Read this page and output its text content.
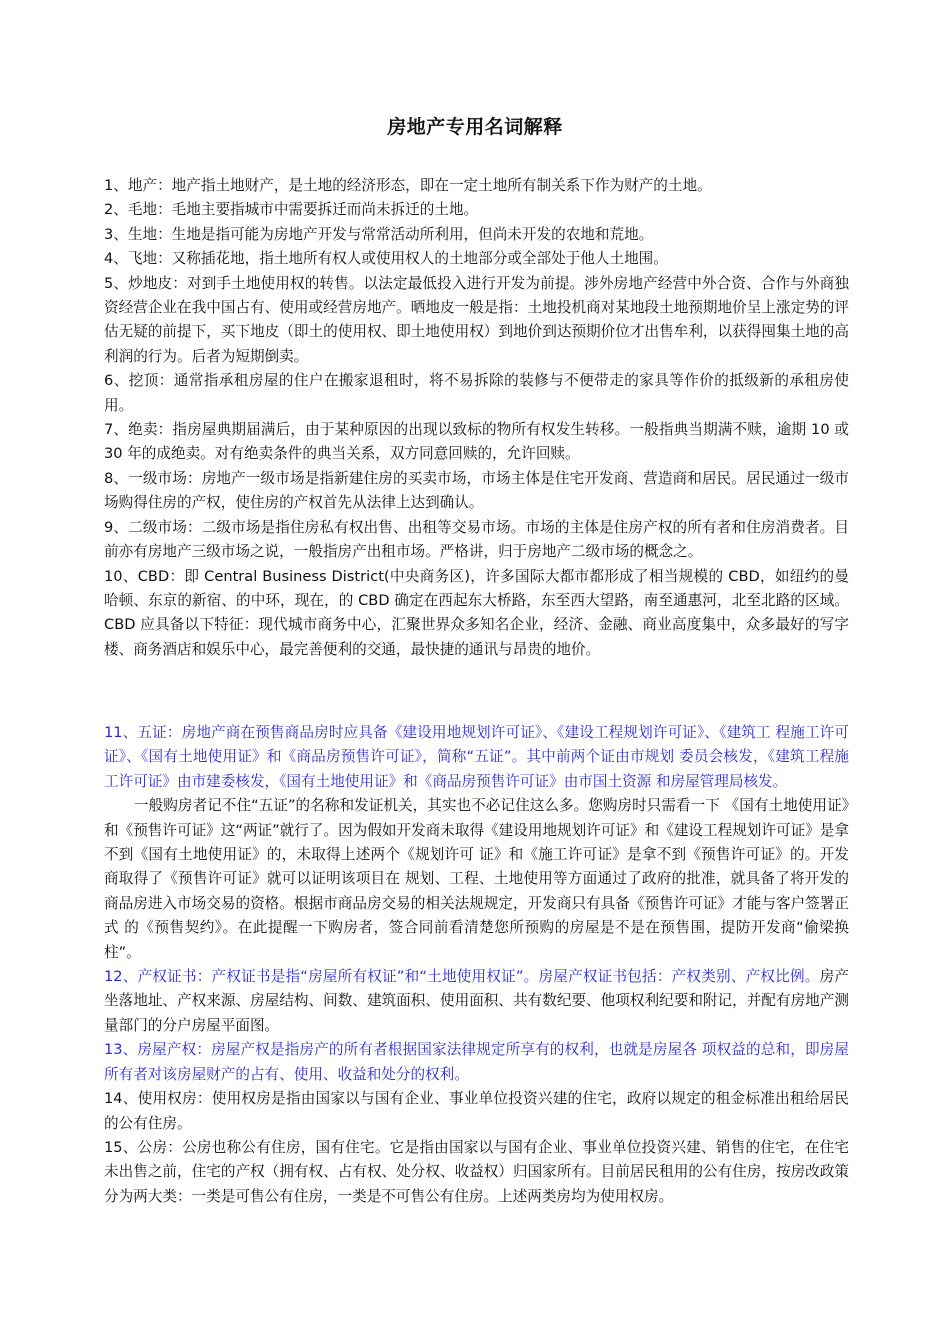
房地产专用名词解释

1、地产：地产指土地财产，是土地的经济形态，即在一定土地所有制关系下作为财产的土地。

2、毛地：毛地主要指城市中需要拆迁而尚未拆迁的土地。

3、生地：生地是指可能为房地产开发与常常活动所利用，但尚未开发的农地和荒地。

4、飞地：又称插花地，指土地所有权人或使用权人的土地部分或全部处于他人土地围。

5、炒地皮：对到手土地使用权的转售。以法定最低投入进行开发为前提。涉外房地产经营中外合资、合作与外商独资经营企业在我中国占有、使用或经营房地产。晒地皮一般是指：土地投机商对某地段土地预期地价呈上涨定势的评估无疑的前提下，买下地皮（即土的使用权、即土地使用权）到地价到达预期价位才出售牟利，以获得囤集土地的高利润的行为。后者为短期倒卖。

6、挖顶：通常指承租房屋的住户在搬家退租时，将不易拆除的装修与不便带走的家具等作价的抵级新的承租房使用。

7、绝卖：指房屋典期届满后，由于某种原因的出现以致标的物所有权发生转移。一般指典当期满不赎，逾期 10 或 30 年的成绝卖。对有绝卖条件的典当关系，双方同意回赎的，允许回赎。

8、一级市场：房地产一级市场是指新建住房的买卖市场，市场主体是住宅开发商、营造商和居民。居民通过一级市场购得住房的产权，使住房的产权首先从法律上达到确认。

9、二级市场：二级市场是指住房私有权出售、出租等交易市场。市场的主体是住房产权的所有者和住房消费者。目前亦有房地产三级市场之说，一般指房产出租市场。严格讲，归于房地产二级市场的概念之。

10、CBD：即 Central Business District(中央商务区)，许多国际大都市都形成了相当规模的 CBD，如纽约的曼哈顿、东京的新宿、的中环，现在，的 CBD 确定在西起东大桥路，东至西大望路，南至通惠河，北至北路的区域。CBD 应具备以下特征：现代城市商务中心，汇聚世界众多知名企业，经济、金融、商业高度集中，众多最好的写字楼、商务酒店和娱乐中心，最完善便利的交通，最快捷的通讯与昂贵的地价。

11、五证：房地产商在预售商品房时应具备《建设用地规划许可证》、《建设工程规划许可证》、《建筑工 程施工许可证》、《国有土地使用证》和《商品房预售许可证》，简称“五证”。其中前两个证由市规划 委员会核发，《建筑工程施工许可证》由市建委核发，《国有土地使用证》和《商品房预售许可证》由市国土资源 和房屋管理局核发。

一般购房者记不住“五证”的名称和发证机关，其实也不必记住这么多。您购房时只需看一下 《国有土地使用证》和《预售许可证》这“两证”就行了。因为假如开发商未取得《建设用地规划许可证》和《建设工程规划许可证》是拿不到《国有土地使用证》的，未取得上述两个《规划许可 证》和《施工许可证》是拿不到《预售许可证》的。开发商取得了《预售许可证》就可以证明该项目在 规划、工程、土地使用等方面通过了政府的批准，就具备了将开发的商品房进入市场交易的资格。根据市商品房交易的相关法规规定，开发商只有具备《预售许可证》才能与客户签署正式 的《预售契约》。在此提醒一下购房者，签合同前看清楚您所预购的房屋是不是在预售围，提防开发商“偷梁换柱”。

12、产权证书：产权证书是指“房屋所有权证”和“土地使用权证”。房屋产权证书包括：产权类别、产权比例。房产坐落地址、产权来源、房屋结构、间数、建筑面积、使用面积、共有数纪要、他项权利纪要和附记，并配有房地产测量部门的分户房屋平面图。

13、房屋产权：房屋产权是指房产的所有者根据国家法律规定所享有的权利，也就是房屋各 项权益的总和，即房屋所有者对该房屋财产的占有、使用、收益和处分的权利。

14、使用权房：使用权房是指由国家以与国有企业、事业单位投资兴建的住宅，政府以规定的租金标准出租给居民的公有住房。

15、公房：公房也称公有住房，国有住宅。它是指由国家以与国有企业、事业单位投资兴建、销售的住宅，在住宅未出售之前，住宅的产权（拥有权、占有权、处分权、收益权）归国家所有。目前居民租用的公有住房，按房改政策分为两大类：一类是可售公有住房，一类是不可售公有住房。上述两类房均为使用权房。
